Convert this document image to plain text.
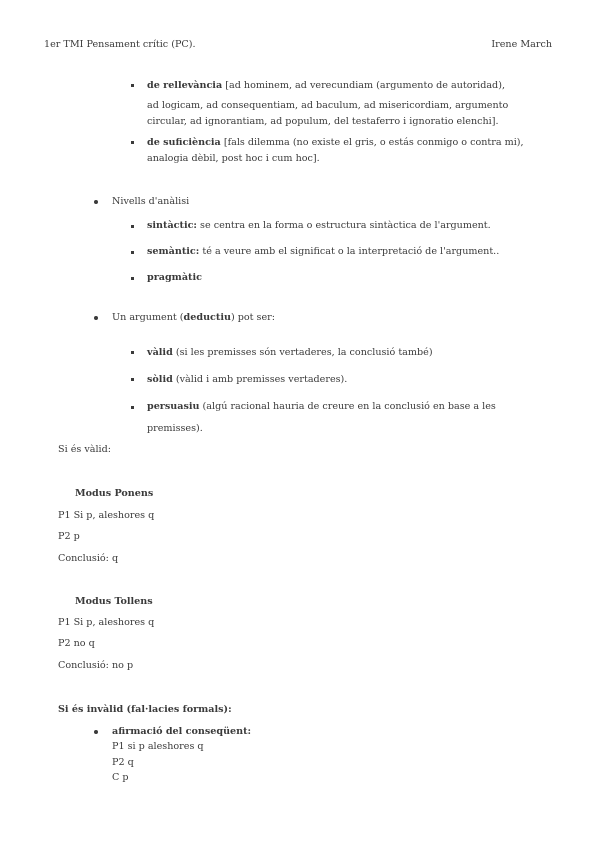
1er TMI Pensament crític (PC).	Irene March
de rellevància [ad hominem, ad verecundiam (argumento de autoridad),
ad logicam, ad consequentiam, ad baculum, ad misericordiam, argumento
circular, ad ignorantiam, ad populum, del testaferro i ignoratio elenchi].
de suficiència [fals dilemma (no existe el gris, o estás conmigo o contra mi),
analogia dèbil, post hoc i cum hoc].
Nivells d'anàlisi
sintàctic: se centra en la forma o estructura sintàctica de l'argument.
semàntic: té a veure amb el significat o la interpretació de l'argument..
pragmàtic
Un argument (deductiu) pot ser:
vàlid (si les premisses són vertaderes, la conclusió també)
sòlid (vàlid i amb premisses vertaderes).
persuasiu (algú racional hauria de creure en la conclusió en base a les
premisses).
Si és vàlid:
Modus Ponens
P1 Si p, aleshores q
P2 p
Conclusió: q
Modus Tollens
P1 Si p, aleshores q
P2 no q
Conclusió: no p
Si és invàlid (fal·lacies formals):
afirmació del conseqüent:
P1 si p aleshores q
P2 q
C p
